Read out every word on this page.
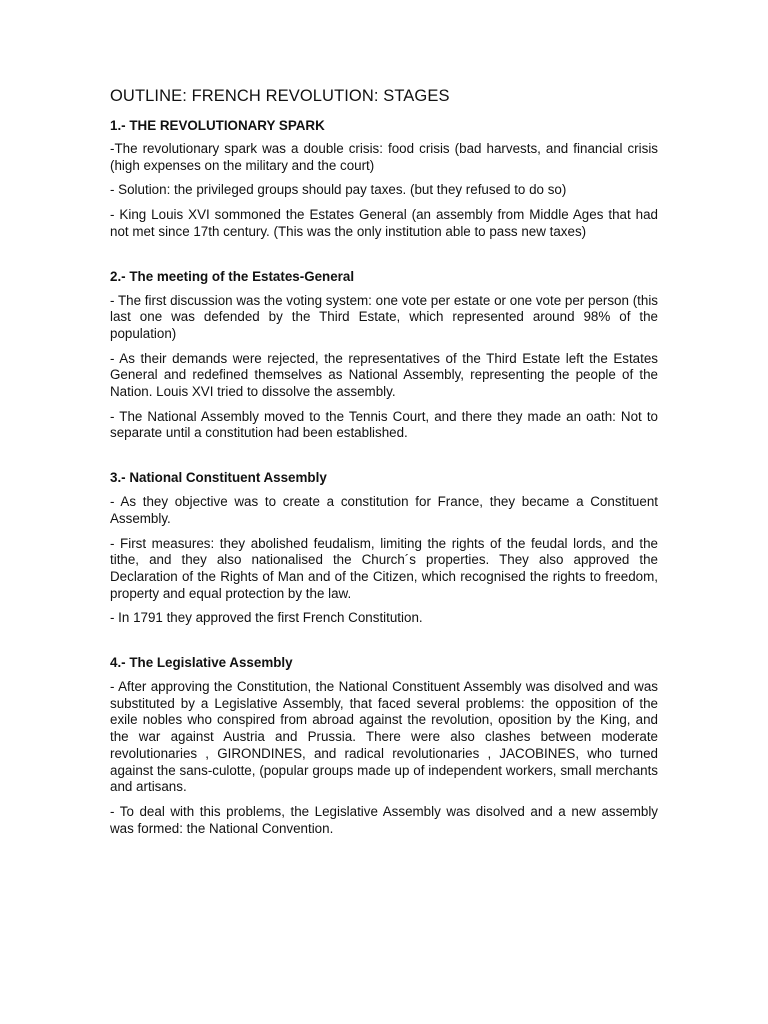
OUTLINE: FRENCH REVOLUTION: STAGES
1.- THE REVOLUTIONARY SPARK

-The revolutionary spark was a double crisis: food crisis (bad harvests, and financial crisis (high expenses on the military and the court)

- Solution: the privileged groups should pay taxes. (but they refused to do so)

- King Louis XVI sommoned the Estates General (an assembly from Middle Ages that had not met since 17th century. (This was the only institution able to pass new taxes)

2.- The meeting of the Estates-General

- The first discussion was the voting system: one vote per estate or one vote per person (this last one was defended by the Third Estate, which represented around 98% of the population)

- As their demands were rejected, the representatives of the Third Estate left the Estates General and redefined themselves as National Assembly, representing the people of the Nation. Louis XVI tried to dissolve the assembly.

- The National Assembly moved to the Tennis Court, and there they made an oath: Not to separate until a constitution had been established.

3.- National Constituent Assembly

- As they objective was to create a constitution for France, they became a Constituent Assembly.

- First measures: they abolished feudalism, limiting the rights of the feudal lords, and the tithe, and they also nationalised the Church´s properties. They also approved the Declaration of the Rights of Man and of the Citizen, which recognised the rights to freedom, property and equal protection by the law.

- In 1791 they approved the first French Constitution.

4.- The Legislative Assembly

- After approving the Constitution, the National Constituent Assembly was disolved and was substituted by a Legislative Assembly, that faced several problems: the opposition of the exile nobles who conspired from abroad against the revolution, oposition by the King, and the war against Austria and Prussia. There were also clashes between moderate revolutionaries , GIRONDINES, and radical revolutionaries , JACOBINES, who turned against the sans-culotte, (popular groups made up of independent workers, small merchants and artisans.

- To deal with this problems, the Legislative Assembly was disolved and a new assembly was formed: the National Convention.
